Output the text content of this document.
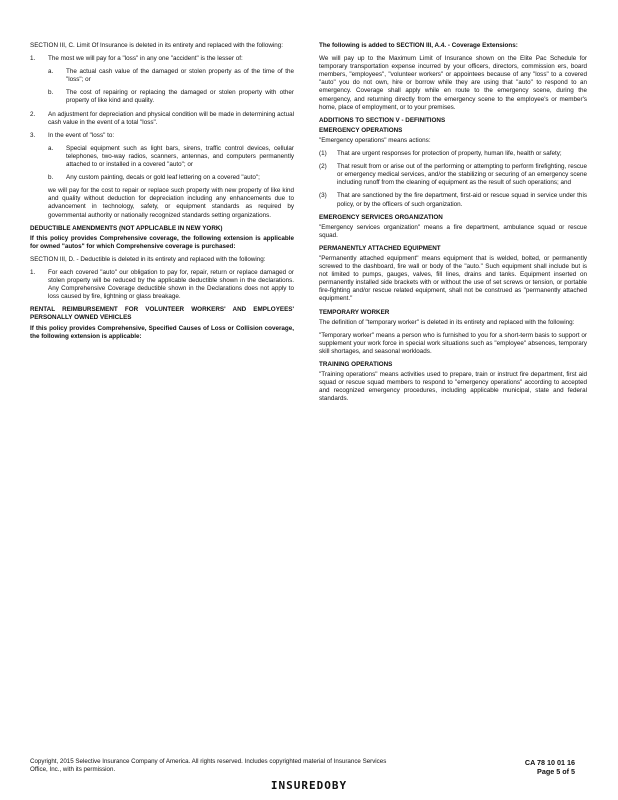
SECTION III, C. Limit Of Insurance is deleted in its entirety and replaced with the following:

1.	The most we will pay for a "loss" in any one "accident" is the lesser of:
a.	The actual cash value of the damaged or stolen property as of the time of the "loss"; or
b.	The cost of repairing or replacing the damaged or stolen property with other property of like kind and quality.
2.	An adjustment for depreciation and physical condition will be made in determining actual cash value in the event of a total "loss".
3.	In the event of "loss" to:
a.	Special equipment such as light bars, sirens, traffic control devices, cellular telephones, two-way radios, scanners, antennas, and computers permanently attached to or installed in a covered "auto"; or
b.	Any custom painting, decals or gold leaf lettering on a covered "auto";

we will pay for the cost to repair or replace such property with new property of like kind and quality without deduction for depreciation including any enhancements due to advancement in technology, safety, or equipment standards as required by governmental authority or nationally recognized standards setting organizations.

DEDUCTIBLE AMENDMENTS (NOT APPLICABLE IN NEW YORK)

If this policy provides Comprehensive coverage, the following extension is applicable for owned "autos" for which Comprehensive coverage is purchased:

SECTION III, D. - Deductible is deleted in its entirety and replaced with the following:

1.	For each covered "auto" our obligation to pay for, repair, return or replace damaged or stolen property will be reduced by the applicable deductible shown in the declarations. Any Comprehensive Coverage deductible shown in the Declarations does not apply to loss caused by fire, lightning or glass breakage.

RENTAL REIMBURSEMENT FOR VOLUNTEER WORKERS' AND EMPLOYEES' PERSONALLY OWNED VEHICLES

If this policy provides Comprehensive, Specified Causes of Loss or Collision coverage, the following extension is applicable:

The following is added to SECTION III, A.4. - Coverage Extensions:

We will pay up to the Maximum Limit of Insurance shown on the Elite Pac Schedule for temporary transportation expense incurred by your officers, directors, commission ers, board members, "employees", "volunteer workers" or appointees because of any "loss" to a covered "auto" you do not own, hire or borrow while they are using that "auto" to respond to an emergency. Coverage shall apply while en route to the emergency scene, during the emergency, and returning directly from the emergency scene to the employee's or member's home, place of employment, or to your premises.

ADDITIONS TO SECTION V - DEFINITIONS

EMERGENCY OPERATIONS

"Emergency operations" means actions:

(1)	That are urgent responses for protection of property, human life, health or safety;
(2)	That result from or arise out of the performing or attempting to perform firefighting, rescue or emergency medical services, and/or the stabilizing or securing of an emergency scene including runoff from the cleaning of equipment as the result of such operations; and
(3)	That are sanctioned by the fire department, first-aid or rescue squad in service under this policy, or by the officers of such organization.

EMERGENCY SERVICES ORGANIZATION

"Emergency services organization" means a fire department, ambulance squad or rescue squad.

PERMANENTLY ATTACHED EQUIPMENT

"Permanently attached equipment" means equipment that is welded, bolted, or permanently screwed to the dashboard, fire wall or body of the "auto." Such equipment shall include but is not limited to pumps, gauges, valves, fill lines, drains and tanks. Equipment inserted on permanently installed side brackets with or without the use of set screws or tension, or portable fire-fighting and/or rescue related equipment, shall not be construed as "permanently attached equipment."

TEMPORARY WORKER

The definition of "temporary worker" is deleted in its entirety and replaced with the following:

"Temporary worker" means a person who is furnished to you for a short-term basis to support or supplement your work force in special work situations such as "employee" absences, temporary skill shortages, and seasonal workloads.

TRAINING OPERATIONS

"Training operations" means activities used to prepare, train or instruct fire department, first aid squad or rescue squad members to respond to "emergency operations" according to accepted and recognized emergency procedures, including applicable municipal, state and federal standards.

Copyright, 2015 Selective Insurance Company of America. All rights reserved. Includes copyrighted material of Insurance Services Office, Inc., with its permission.
CA 78 10 01 16
Page 5 of 5
INSUREDOBY
